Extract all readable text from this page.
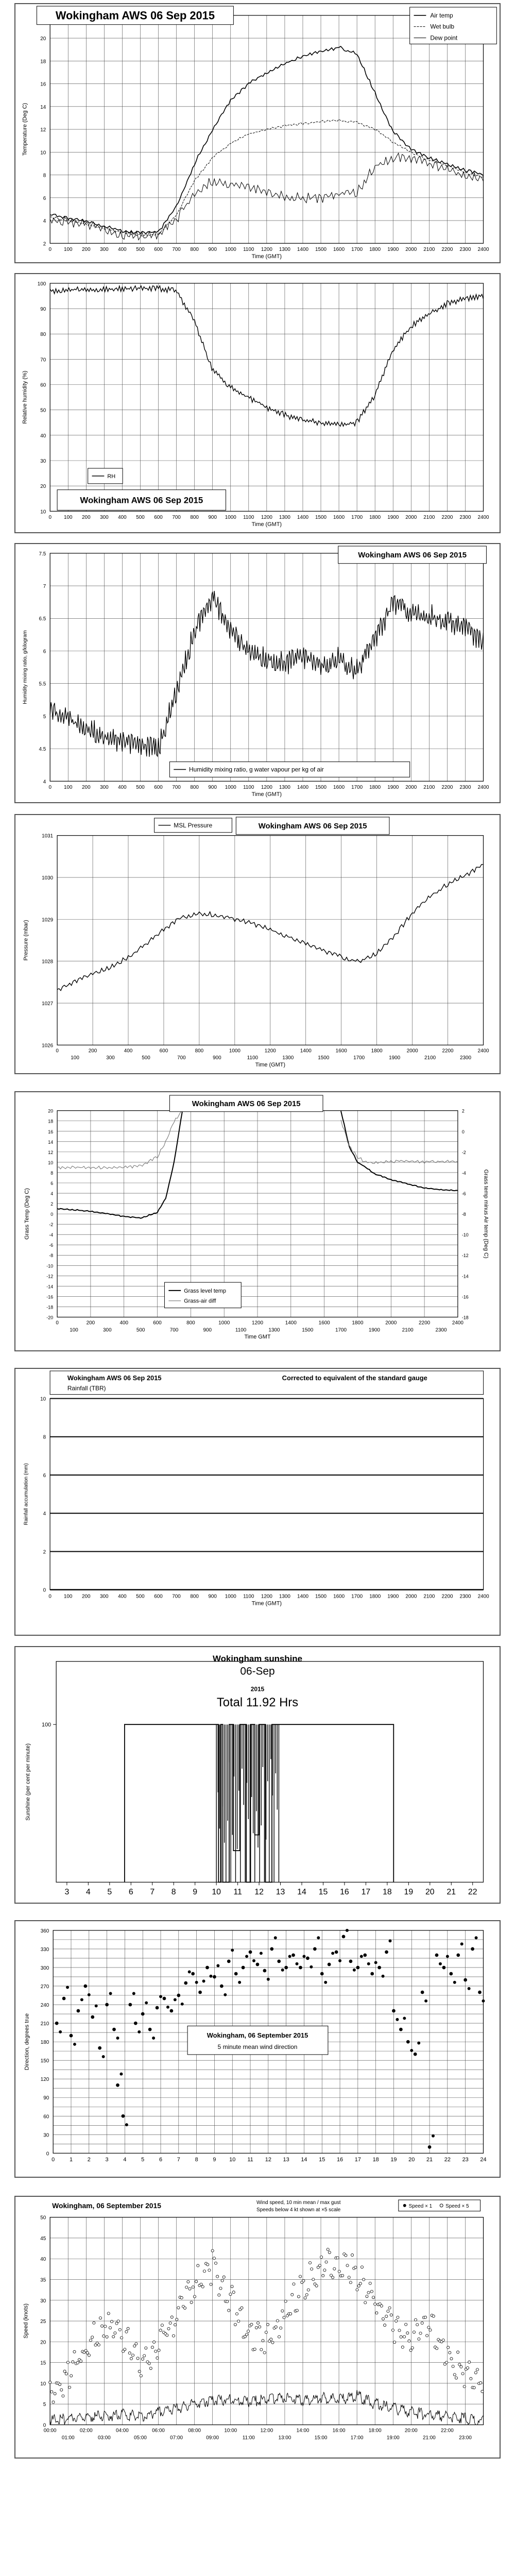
2
4
6
8
10
12
14
16
18
20
0 100 200 300 400 500 600 700 800 900 1000 1100 1200 1300 1400 1500 1600 1700 1800 1900 2000 2100 2200 2300 2400
Time (GMT)
Temperature (Deg C)
Wokingham AWS 06 Sep 2015	Air temp
Wet bulb
Dew point
10
20
30
40
50
60
70
80
90
100
0 100 200 300 400 500 600 700 800 900 1000 1100 1200 1300 1400 1500 1600 1700 1800 1900 2000 2100 2200 2300 2400
Time (GMT)
Relative humidity (%)
RH
Wokingham AWS 06 Sep 2015
4
4.5
5
5.5
6
6.5
7
7.5
0 100 200 300 400 500 600 700 800 900 1000 1100 1200 1300 1400 1500 1600 1700 1800 1900 2000 2100 2200 2300 2400
Time (GMT)
Humidity mixing ratio, g/kilogram
Wokingham AWS 06 Sep 2015
Humidity mixing ratio, g water vapour per kg of air
1026
1027
1028
1029
1030
1031
0	200	400	600	800	1000	1200	1400	1600	1800	2000	2200	2400
100	300	500	700	900	1100	1300	1500	1700	1900	2100	2300
Time (GMT)
Pressure (mbar)
MSL Pressure	Wokingham AWS 06 Sep 2015
-20
-18
-16
-14
-12
-10
-8
-6
-4
-2
0
2
4
6
8
10
12
14
16
18
20
-18
-16
-14
-12
-10
-8
-6
-4
-2
0
2
0	200	400	600	800	1000	1200	1400	1600	1800	2000	2200	2400
100	300	500	700	900	1100	1300	1500	1700	1900	2100	2300
Time GMT
Grass Temp (Deg C)	Grass temp minus Air temp (Deg C)
Wokingham AWS 06 Sep 2015
Grass level temp
Grass-air diff
0
2
4
6
8
10
0 100 200 300 400 500 600 700 800 900 1000 1100 1200 1300 1400 1500 1600 1700 1800 1900 2000 2100 2200 2300 2400
Time (GMT)
Rainfall accumulation (mm)
Wokingham AWS 06 Sep 2015
Rainfall (TBR)
Corrected to equivalent of the standard gauge
100
3 4 5 6 7 8 9 10 11 12 13 14 15 16 17 18 19 20 21 22
Sunshine (per cent per minute)
Wokingham sunshine
06-Sep
2015
Total 11.92 Hrs
0
30
60
90
120
150
180
210
240
270
300
330
360
0	1	2	3	4	5	6	7	8	9 10 11 12 13 14 15 16 17 18 19 20 21 22 23 24
Direction, degrees true	Wokingham, 06 September 2015
5 minute mean wind direction
0
5
10
15
20
25
30
35
40
45
50
00:00	02:00	04:00	06:00	08:00	10:00	12:00	14:00	16:00	18:00	20:00	22:00
01:00	03:00	05:00	07:00	09:00	11:00	13:00	15:00	17:00	19:00	21:00	23:00
Speed (knots)
Wokingham, 06 September 2015	Wind speed, 10 min mean / max gust
Speeds below 4 kt shown at ×5 scale
Speed × 1	Speed × 5
